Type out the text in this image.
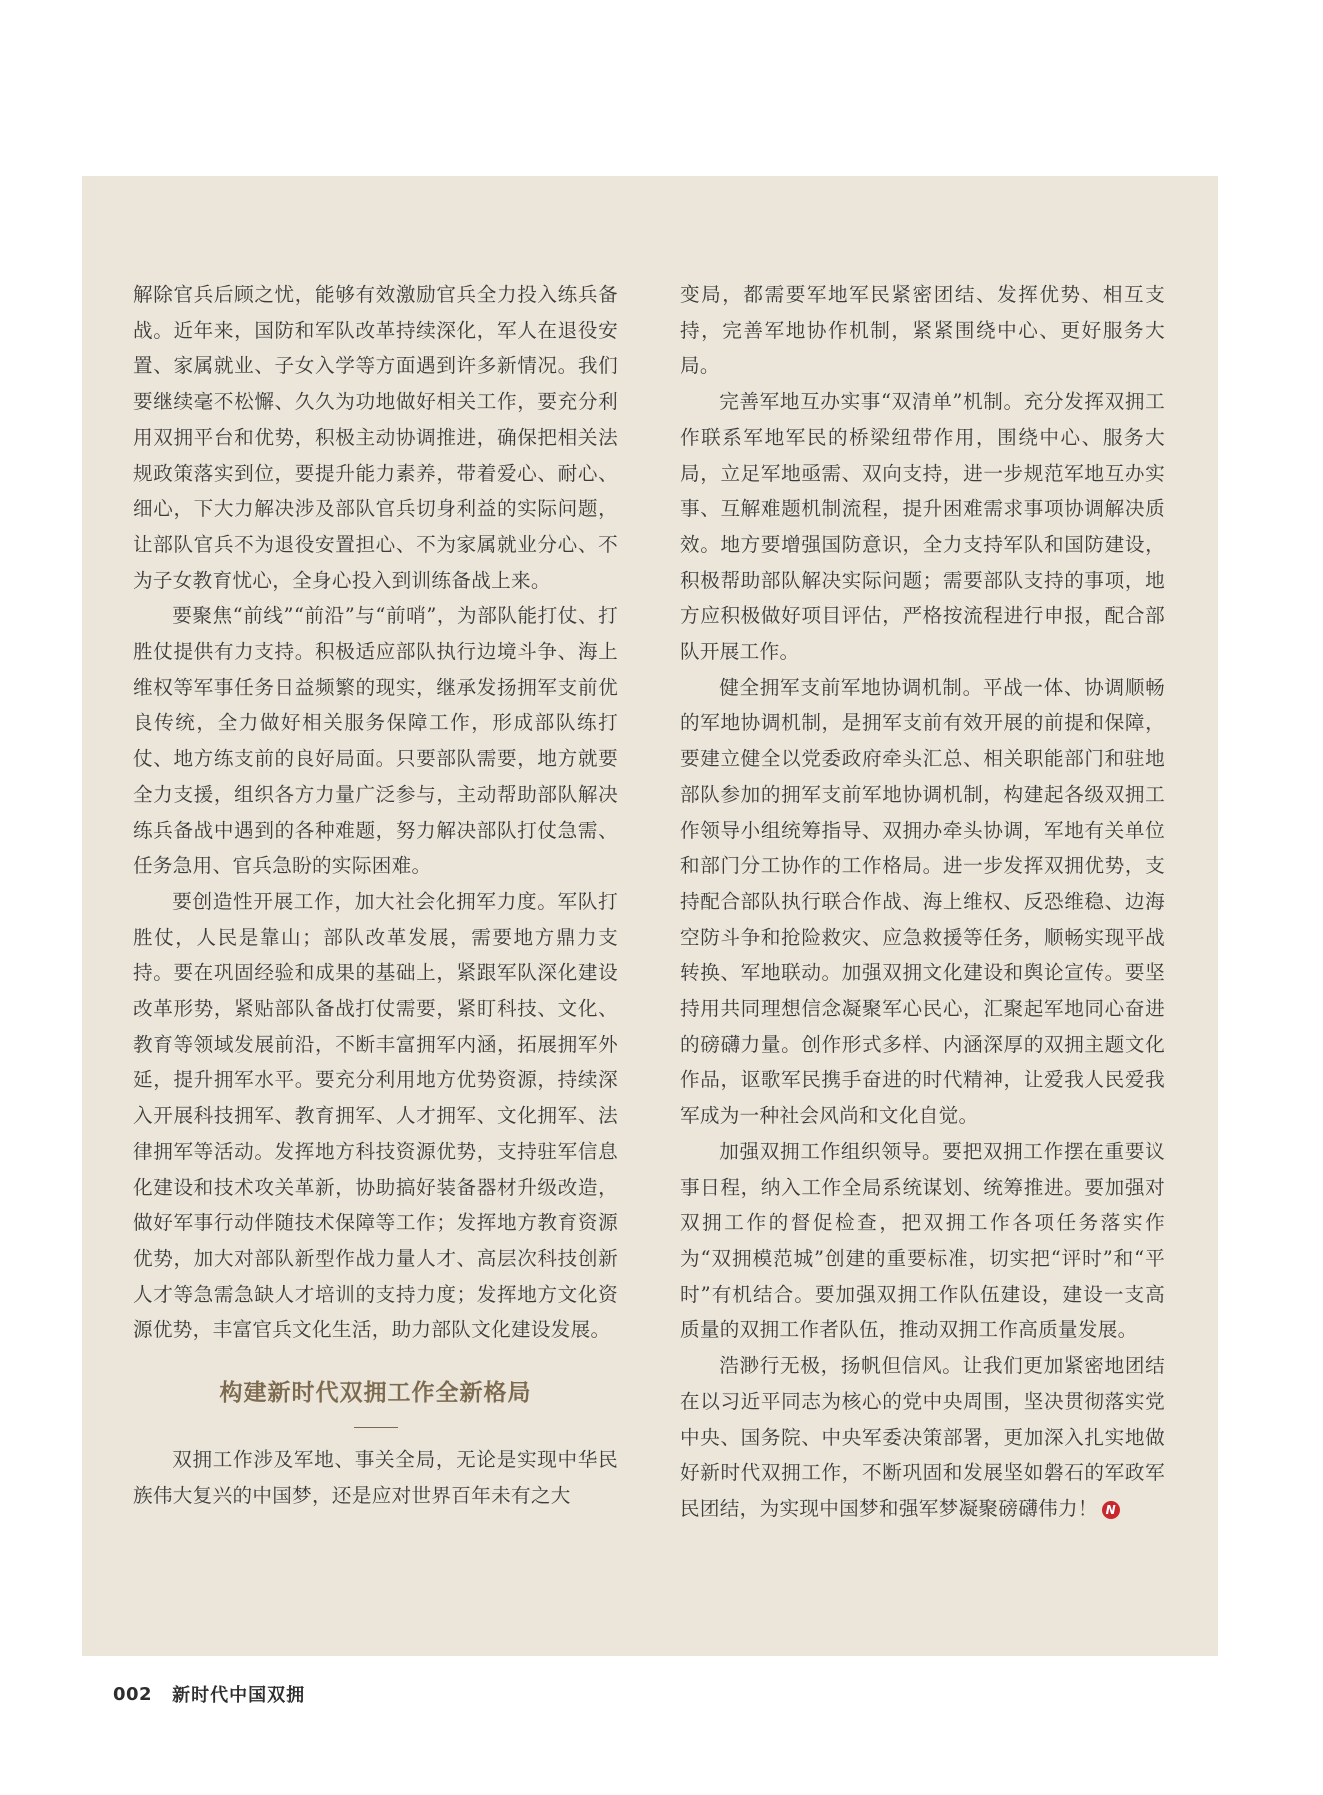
解除官兵后顾之忧，能够有效激励官兵全力投入练兵备战。近年来，国防和军队改革持续深化，军人在退役安置、家属就业、子女入学等方面遇到许多新情况。我们要继续毫不松懈、久久为功地做好相关工作，要充分利用双拥平台和优势，积极主动协调推进，确保把相关法规政策落实到位，要提升能力素养，带着爱心、耐心、细心，下大力解决涉及部队官兵切身利益的实际问题，让部队官兵不为退役安置担心、不为家属就业分心、不为子女教育忧心，全身心投入到训练备战上来。

要聚焦“前线”“前沿”与“前哨”，为部队能打仗、打胜仗提供有力支持。积极适应部队执行边境斗争、海上维权等军事任务日益频繁的现实，继承发扬拥军支前优良传统，全力做好相关服务保障工作，形成部队练打仗、地方练支前的良好局面。只要部队需要，地方就要全力支援，组织各方力量广泛参与，主动帮助部队解决练兵备战中遇到的各种难题，努力解决部队打仗急需、任务急用、官兵急盼的实际困难。

要创造性开展工作，加大社会化拥军力度。军队打胜仗，人民是靠山；部队改革发展，需要地方鼎力支持。要在巩固经验和成果的基础上，紧跟军队深化建设改革形势，紧贴部队备战打仗需要，紧盯科技、文化、教育等领域发展前沿，不断丰富拥军内涵，拓展拥军外延，提升拥军水平。要充分利用地方优势资源，持续深入开展科技拥军、教育拥军、人才拥军、文化拥军、法律拥军等活动。发挥地方科技资源优势，支持驻军信息化建设和技术攻关革新，协助搞好装备器材升级改造，做好军事行动伴随技术保障等工作；发挥地方教育资源优势，加大对部队新型作战力量人才、高层次科技创新人才等急需急缺人才培训的支持力度；发挥地方文化资源优势，丰富官兵文化生活，助力部队文化建设发展。

构建新时代双拥工作全新格局

双拥工作涉及军地、事关全局，无论是实现中华民族伟大复兴的中国梦，还是应对世界百年未有之大

变局，都需要军地军民紧密团结、发挥优势、相互支持，完善军地协作机制，紧紧围绕中心、更好服务大局。

完善军地互办实事“双清单”机制。充分发挥双拥工作联系军地军民的桥梁纽带作用，围绕中心、服务大局，立足军地亟需、双向支持，进一步规范军地互办实事、互解难题机制流程，提升困难需求事项协调解决质效。地方要增强国防意识，全力支持军队和国防建设，积极帮助部队解决实际问题；需要部队支持的事项，地方应积极做好项目评估，严格按流程进行申报，配合部队开展工作。

健全拥军支前军地协调机制。平战一体、协调顺畅的军地协调机制，是拥军支前有效开展的前提和保障，要建立健全以党委政府牵头汇总、相关职能部门和驻地部队参加的拥军支前军地协调机制，构建起各级双拥工作领导小组统筹指导、双拥办牵头协调，军地有关单位和部门分工协作的工作格局。进一步发挥双拥优势，支持配合部队执行联合作战、海上维权、反恐维稳、边海空防斗争和抢险救灾、应急救援等任务，顺畅实现平战转换、军地联动。加强双拥文化建设和舆论宣传。要坚持用共同理想信念凝聚军心民心，汇聚起军地同心奋进的磅礴力量。创作形式多样、内涵深厚的双拥主题文化作品，讴歌军民携手奋进的时代精神，让爱我人民爱我军成为一种社会风尚和文化自觉。

加强双拥工作组织领导。要把双拥工作摆在重要议事日程，纳入工作全局系统谋划、统筹推进。要加强对双拥工作的督促检查，把双拥工作各项任务落实作为“双拥模范城”创建的重要标准，切实把“评时”和“平时”有机结合。要加强双拥工作队伍建设，建设一支高质量的双拥工作者队伍，推动双拥工作高质量发展。

浩渺行无极，扬帆但信风。让我们更加紧密地团结在以习近平同志为核心的党中央周围，坚决贯彻落实党中央、国务院、中央军委决策部署，更加深入扎实地做好新时代双拥工作，不断巩固和发展坚如磐石的军政军民团结，为实现中国梦和强军梦凝聚磅礴伟力！ N

002 新时代中国双拥
